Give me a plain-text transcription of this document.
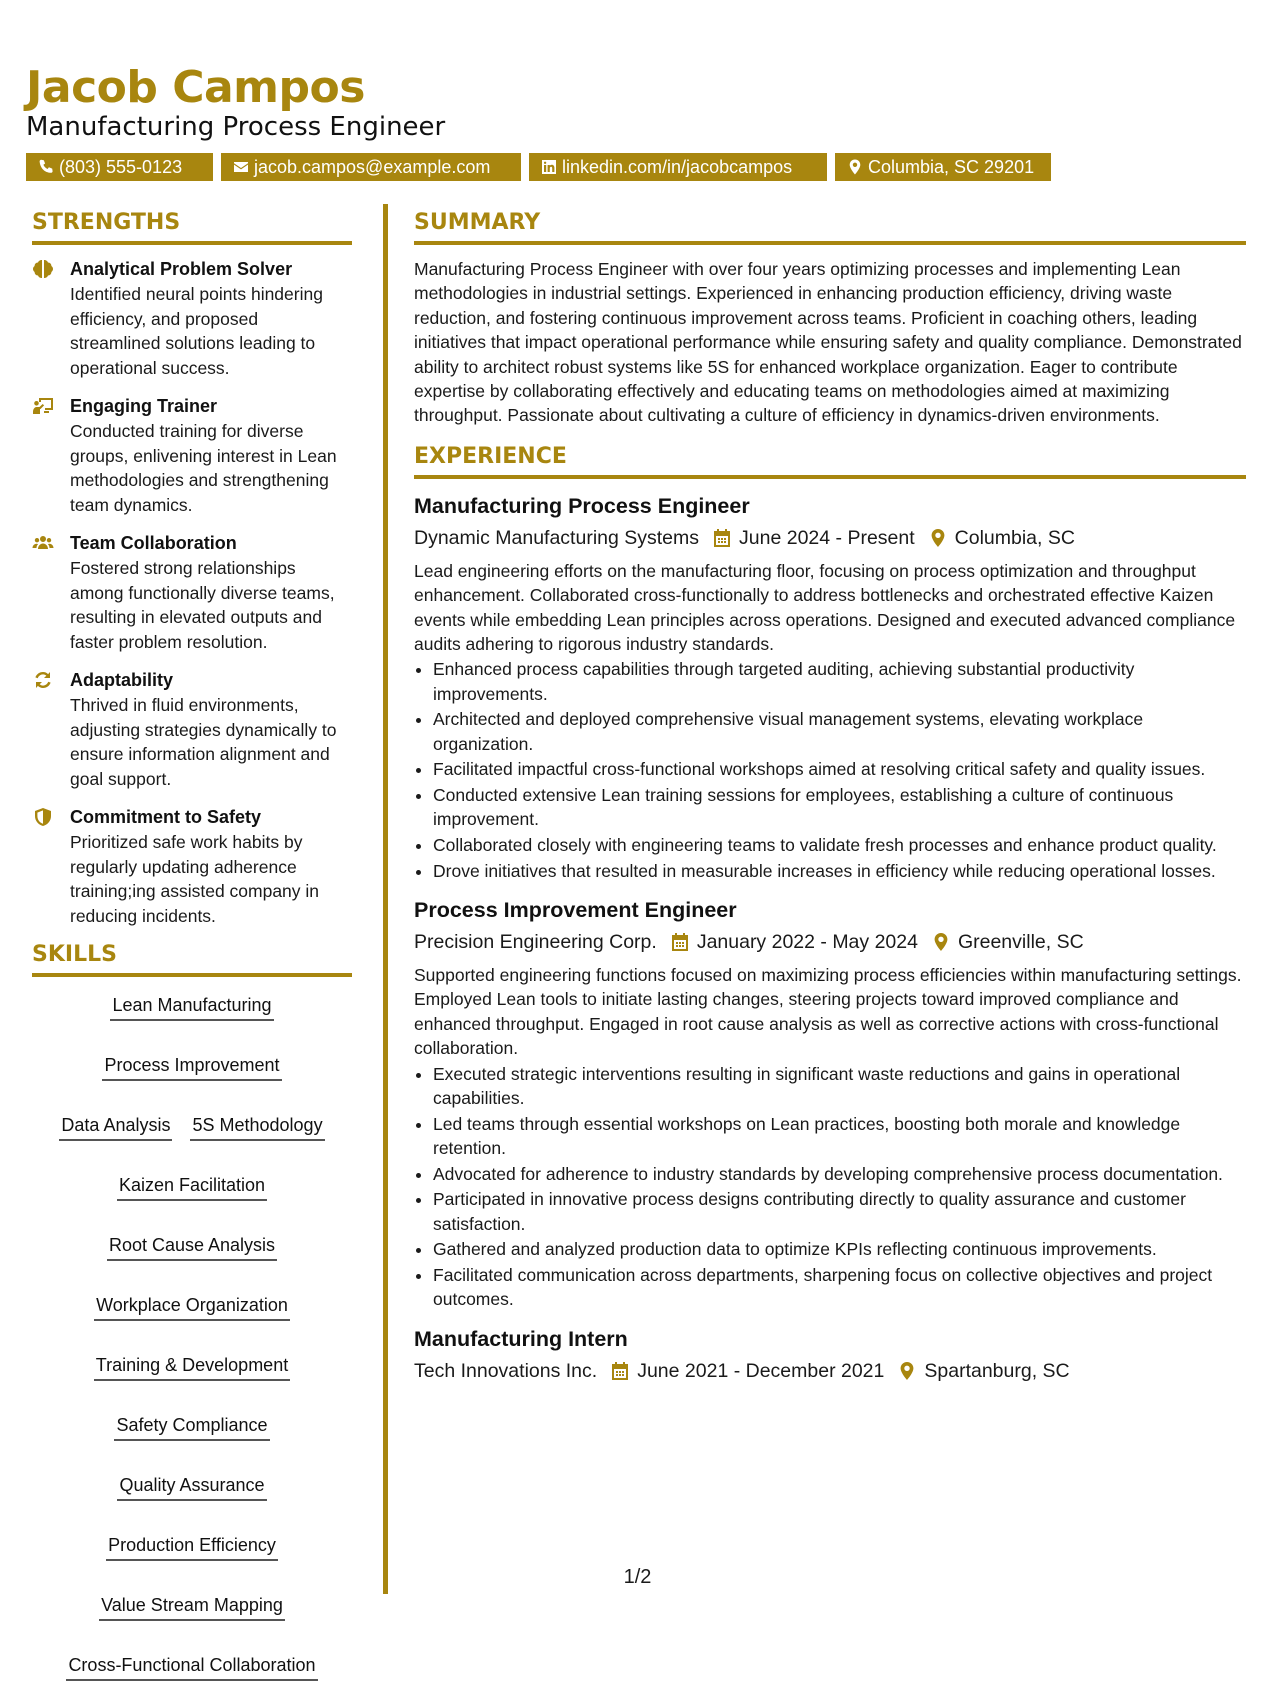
Jacob Campos
Manufacturing Process Engineer
(803) 555-0123	jacob.campos@example.com	linkedin.com/in/jacobcampos	Columbia, SC 29201
STRENGTHS
Analytical Problem Solver
Identified neural points hindering efficiency, and proposed streamlined solutions leading to operational success.
Engaging Trainer
Conducted training for diverse groups, enlivening interest in Lean methodologies and strengthening team dynamics.
Team Collaboration
Fostered strong relationships among functionally diverse teams, resulting in elevated outputs and faster problem resolution.
Adaptability
Thrived in fluid environments, adjusting strategies dynamically to ensure information alignment and goal support.
Commitment to Safety
Prioritized safe work habits by regularly updating adherence training;ing assisted company in reducing incidents.
SKILLS
Lean Manufacturing
Process Improvement
Data Analysis 5S Methodology
Kaizen Facilitation
Root Cause Analysis
Workplace Organization
Training & Development
Safety Compliance
Quality Assurance
Production Efficiency
Value Stream Mapping
Cross-Functional Collaboration
SUMMARY
Manufacturing Process Engineer with over four years optimizing processes and implementing Lean methodologies in industrial settings. Experienced in enhancing production efficiency, driving waste reduction, and fostering continuous improvement across teams. Proficient in coaching others, leading initiatives that impact operational performance while ensuring safety and quality compliance. Demonstrated ability to architect robust systems like 5S for enhanced workplace organization. Eager to contribute expertise by collaborating effectively and educating teams on methodologies aimed at maximizing throughput. Passionate about cultivating a culture of efficiency in dynamics-driven environments.
EXPERIENCE
Manufacturing Process Engineer
Dynamic Manufacturing Systems June 2024 - Present Columbia, SC
Lead engineering efforts on the manufacturing floor, focusing on process optimization and throughput enhancement. Collaborated cross-functionally to address bottlenecks and orchestrated effective Kaizen events while embedding Lean principles across operations. Designed and executed advanced compliance audits adhering to rigorous industry standards.
• Enhanced process capabilities through targeted auditing, achieving substantial productivity improvements.
• Architected and deployed comprehensive visual management systems, elevating workplace organization.
• Facilitated impactful cross-functional workshops aimed at resolving critical safety and quality issues.
• Conducted extensive Lean training sessions for employees, establishing a culture of continuous improvement.
• Collaborated closely with engineering teams to validate fresh processes and enhance product quality.
• Drove initiatives that resulted in measurable increases in efficiency while reducing operational losses.
Process Improvement Engineer
Precision Engineering Corp. January 2022 - May 2024 Greenville, SC
Supported engineering functions focused on maximizing process efficiencies within manufacturing settings. Employed Lean tools to initiate lasting changes, steering projects toward improved compliance and enhanced throughput. Engaged in root cause analysis as well as corrective actions with cross-functional collaboration.
• Executed strategic interventions resulting in significant waste reductions and gains in operational capabilities.
• Led teams through essential workshops on Lean practices, boosting both morale and knowledge retention.
• Advocated for adherence to industry standards by developing comprehensive process documentation.
• Participated in innovative process designs contributing directly to quality assurance and customer satisfaction.
• Gathered and analyzed production data to optimize KPIs reflecting continuous improvements.
• Facilitated communication across departments, sharpening focus on collective objectives and project outcomes.
Manufacturing Intern
Tech Innovations Inc. June 2021 - December 2021 Spartanburg, SC
1/2
